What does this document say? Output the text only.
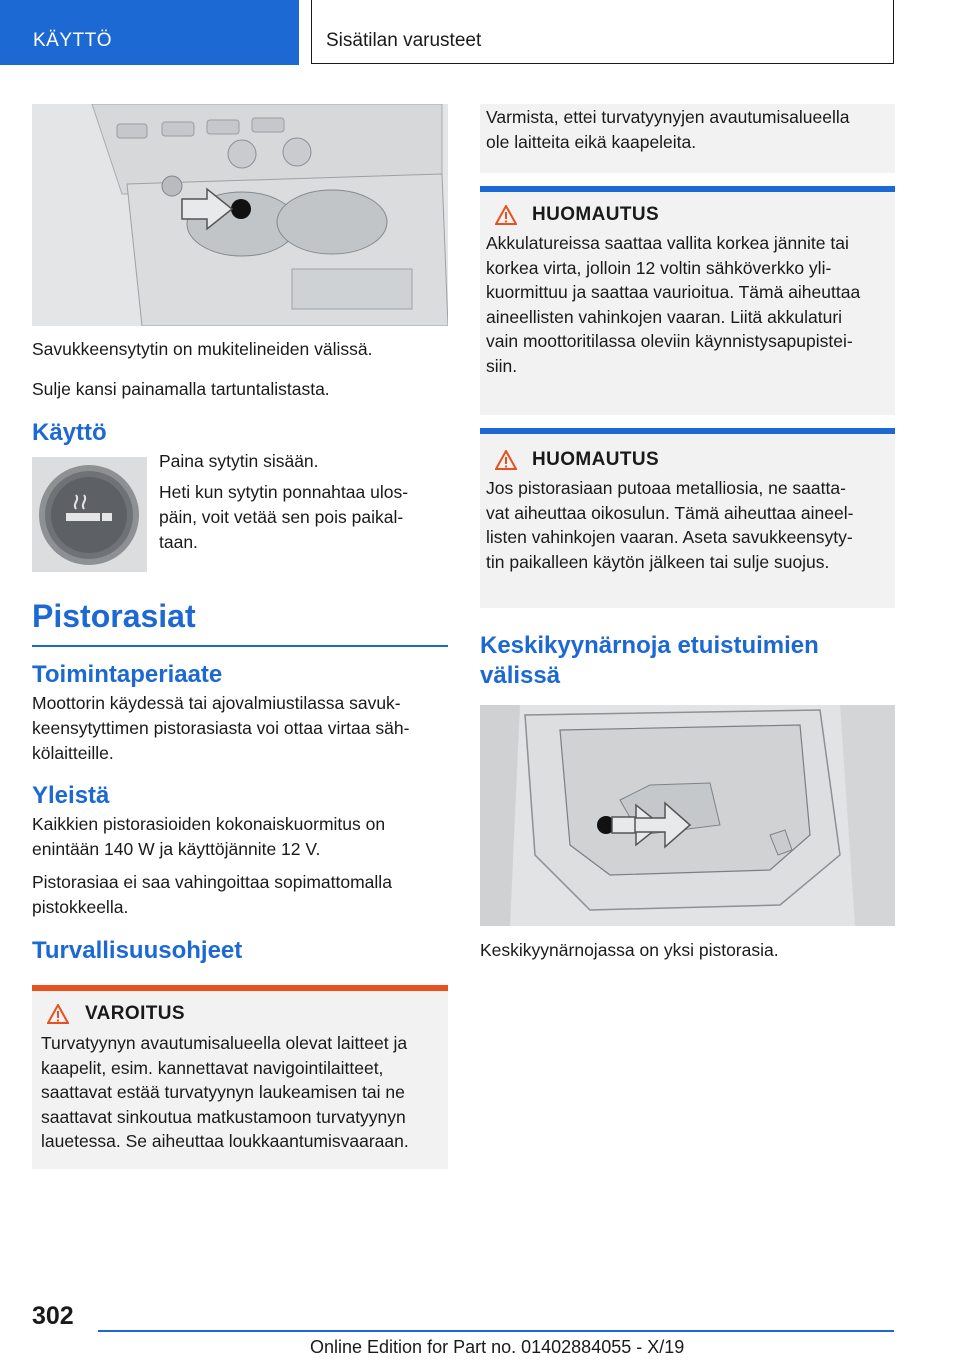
KÄYTTÖ	Sisätilan varusteet

Savukkeensytytin on mukitelineiden välissä.

Sulje kansi painamalla tartuntalistasta.

Käyttö

Paina sytytin sisään.

Heti kun sytytin ponnahtaa ulos-
päin, voit vetää sen pois paikal-
taan.
Pistorasiat
Toimintaperiaate
Moottorin käydessä tai ajovalmiustilassa savuk-
keensytyttimen pistorasiasta voi ottaa virtaa säh-
kölaitteille.
Yleistä
Kaikkien pistorasioiden kokonaiskuormitus on
enintään 140 W ja käyttöjännite 12 V.
Pistorasiaa ei saa vahingoittaa sopimattomalla
pistokkeella.
Turvallisuusohjeet
VAROITUS
Turvatyynyn avautumisalueella olevat laitteet ja
kaapelit, esim. kannettavat navigointilaitteet,
saattavat estää turvatyynyn laukeamisen tai ne
saattavat sinkoutua matkustamoon turvatyynyn
lauetessa. Se aiheuttaa loukkaantumisvaaraan.
Varmista, ettei turvatyynyjen avautumisalueella
ole laitteita eikä kaapeleita.
HUOMAUTUS
Akkulatureissa saattaa vallita korkea jännite tai
korkea virta, jolloin 12 voltin sähköverkko yli-
kuormittuu ja saattaa vaurioitua. Tämä aiheuttaa
aineellisten vahinkojen vaaran. Liitä akkulaturi
vain moottoritilassa oleviin käynnistysapupistei-
siin.
HUOMAUTUS
Jos pistorasiaan putoaa metalliosia, ne saatta-
vat aiheuttaa oikosulun. Tämä aiheuttaa aineel-
listen vahinkojen vaaran. Aseta savukkeensyty-
tin paikalleen käytön jälkeen tai sulje suojus.
Keskikyynärnoja etuistuimien
välissä

Keskikyynärnojassa on yksi pistorasia.

302
Online Edition for Part no. 01402884055 - X/19
